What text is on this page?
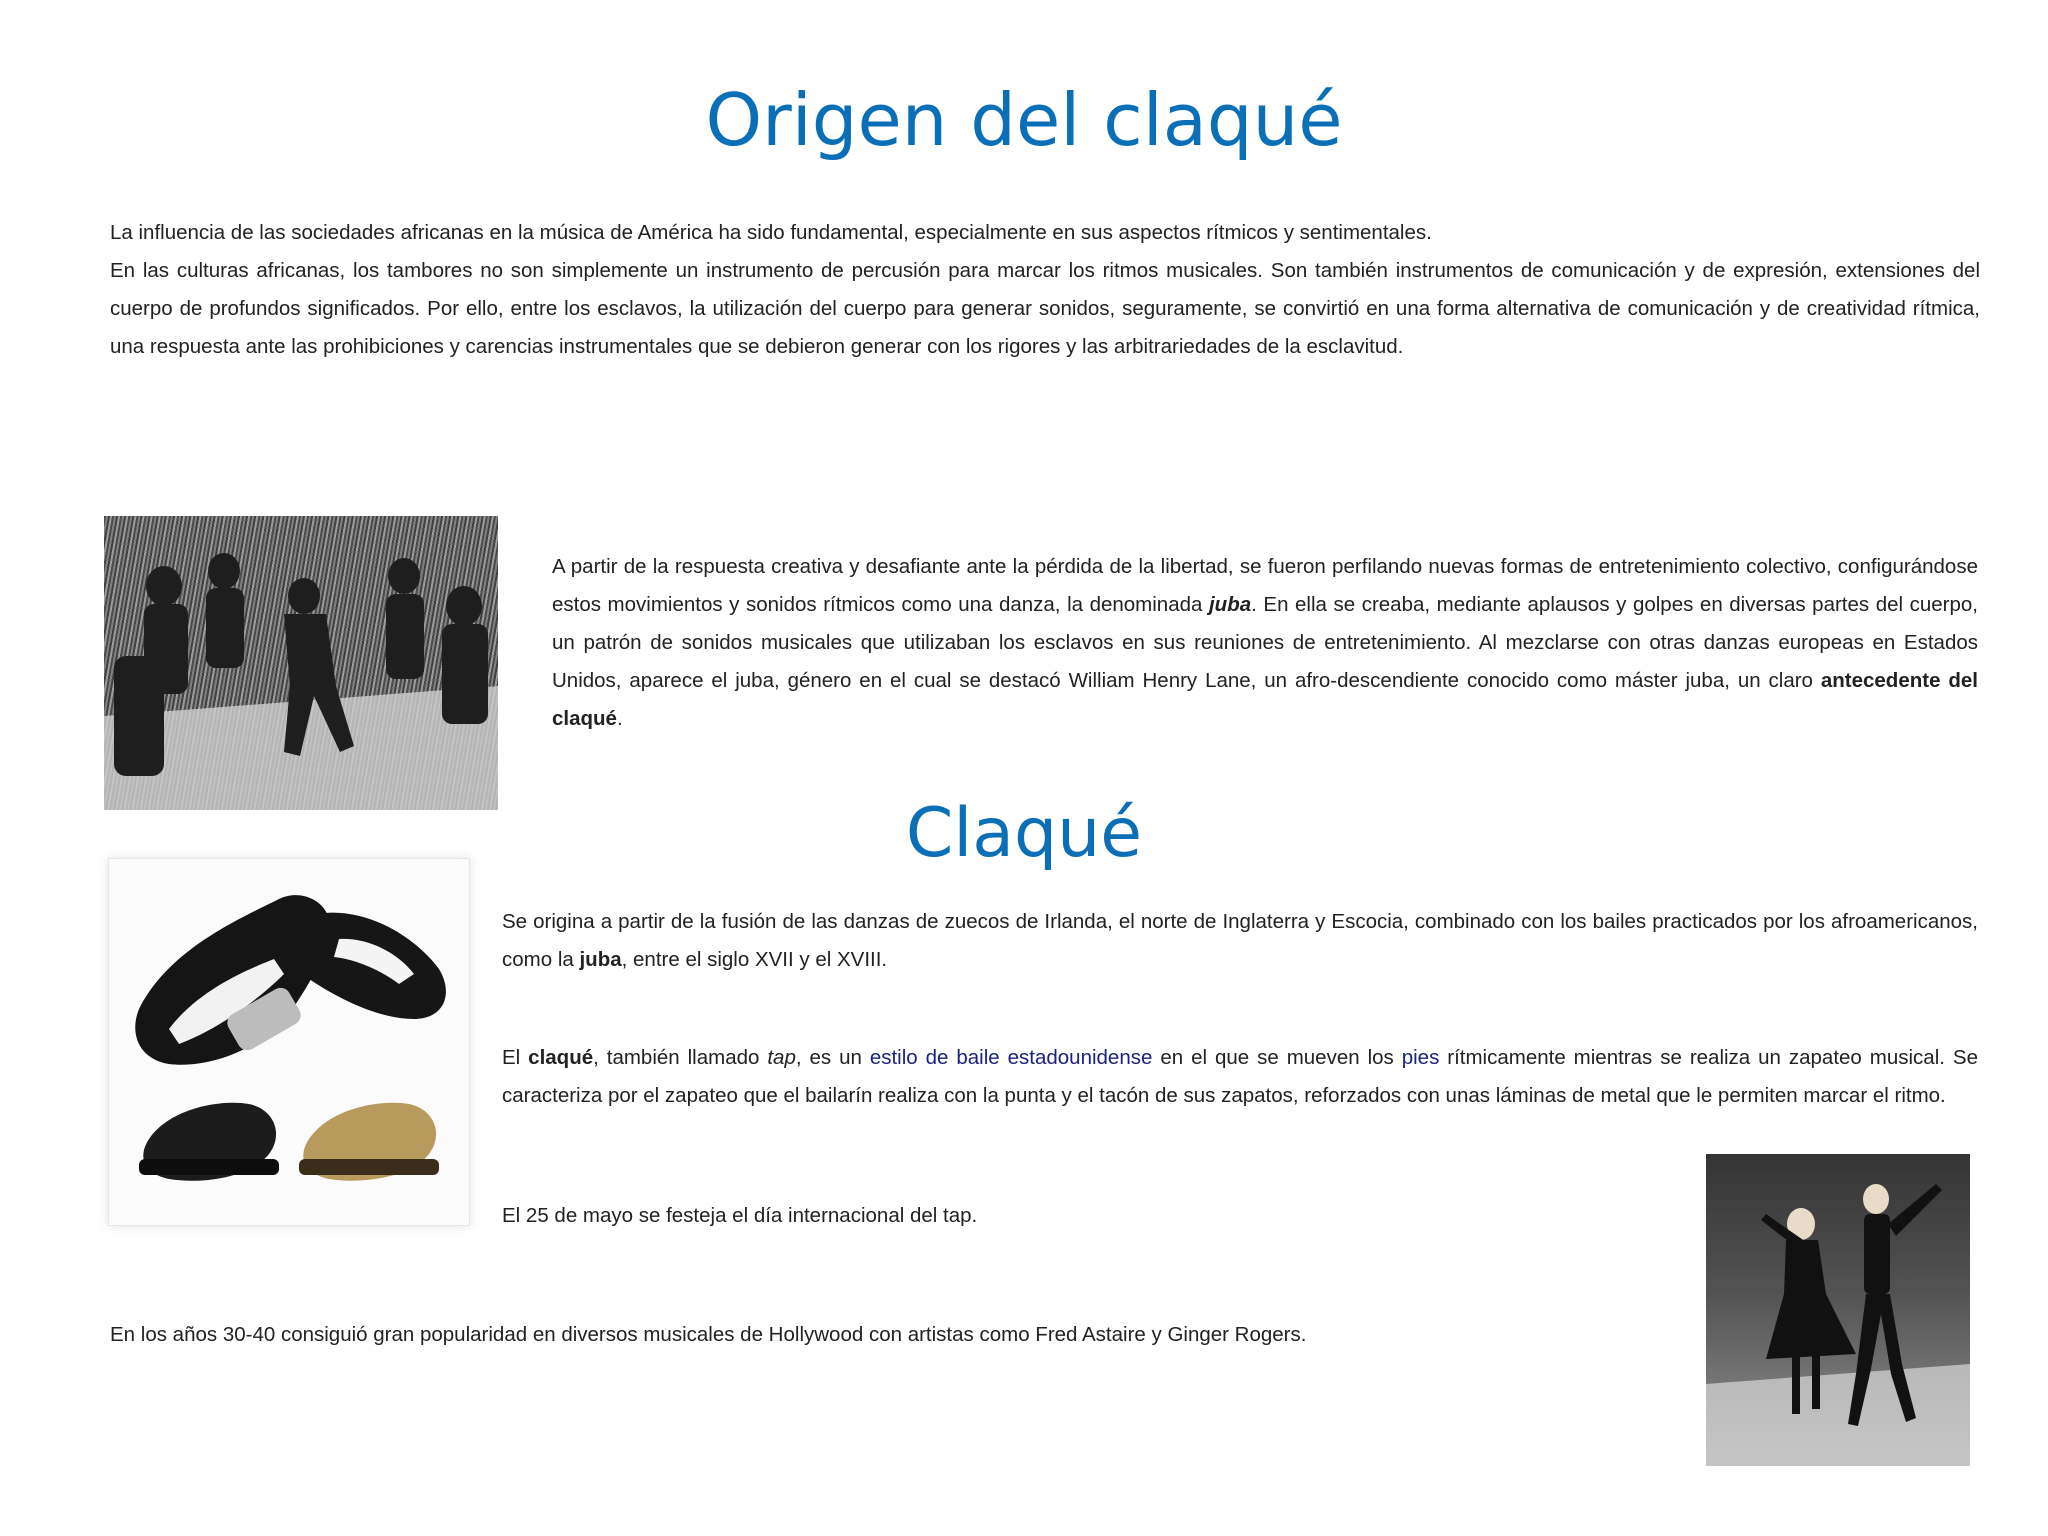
Origen del claqué
La influencia de las sociedades africanas en la música de América ha sido fundamental, especialmente en sus aspectos rítmicos y sentimentales.
En las culturas africanas, los tambores no son simplemente un instrumento de percusión para marcar los ritmos musicales. Son también instrumentos de comunicación y de expresión, extensiones del cuerpo de profundos significados. Por ello, entre los esclavos, la utilización del cuerpo para generar sonidos, seguramente, se convirtió en una forma alternativa de comunicación y de creatividad rítmica, una respuesta ante las prohibiciones y carencias instrumentales que se debieron generar con los rigores y las arbitrariedades de la esclavitud.
A partir de la respuesta creativa y desafiante ante la pérdida de la libertad, se fueron perfilando nuevas formas de entretenimiento colectivo, configurándose estos movimientos y sonidos rítmicos como una danza, la denominada juba. En ella se creaba, mediante aplausos y golpes en diversas partes del cuerpo, un patrón de sonidos musicales que utilizaban los esclavos en sus reuniones de entretenimiento. Al mezclarse con otras danzas europeas en Estados Unidos, aparece el juba, género en el cual se destacó William Henry Lane, un afro-descendiente conocido como máster juba, un claro antecedente del claqué.
Claqué
Se origina a partir de la fusión de las danzas de zuecos de Irlanda, el norte de Inglaterra y Escocia, combinado con los bailes practicados por los afroamericanos, como la juba, entre el siglo XVII y el XVIII.
El claqué, también llamado tap, es un estilo de baile estadounidense en el que se mueven los pies rítmicamente mientras se realiza un zapateo musical. Se caracteriza por el zapateo que el bailarín realiza con la punta y el tacón de sus zapatos, reforzados con unas láminas de metal que le permiten marcar el ritmo.
El 25 de mayo se festeja el día internacional del tap.
En los años 30-40 consiguió gran popularidad en diversos musicales de Hollywood con artistas como Fred Astaire y Ginger Rogers.
